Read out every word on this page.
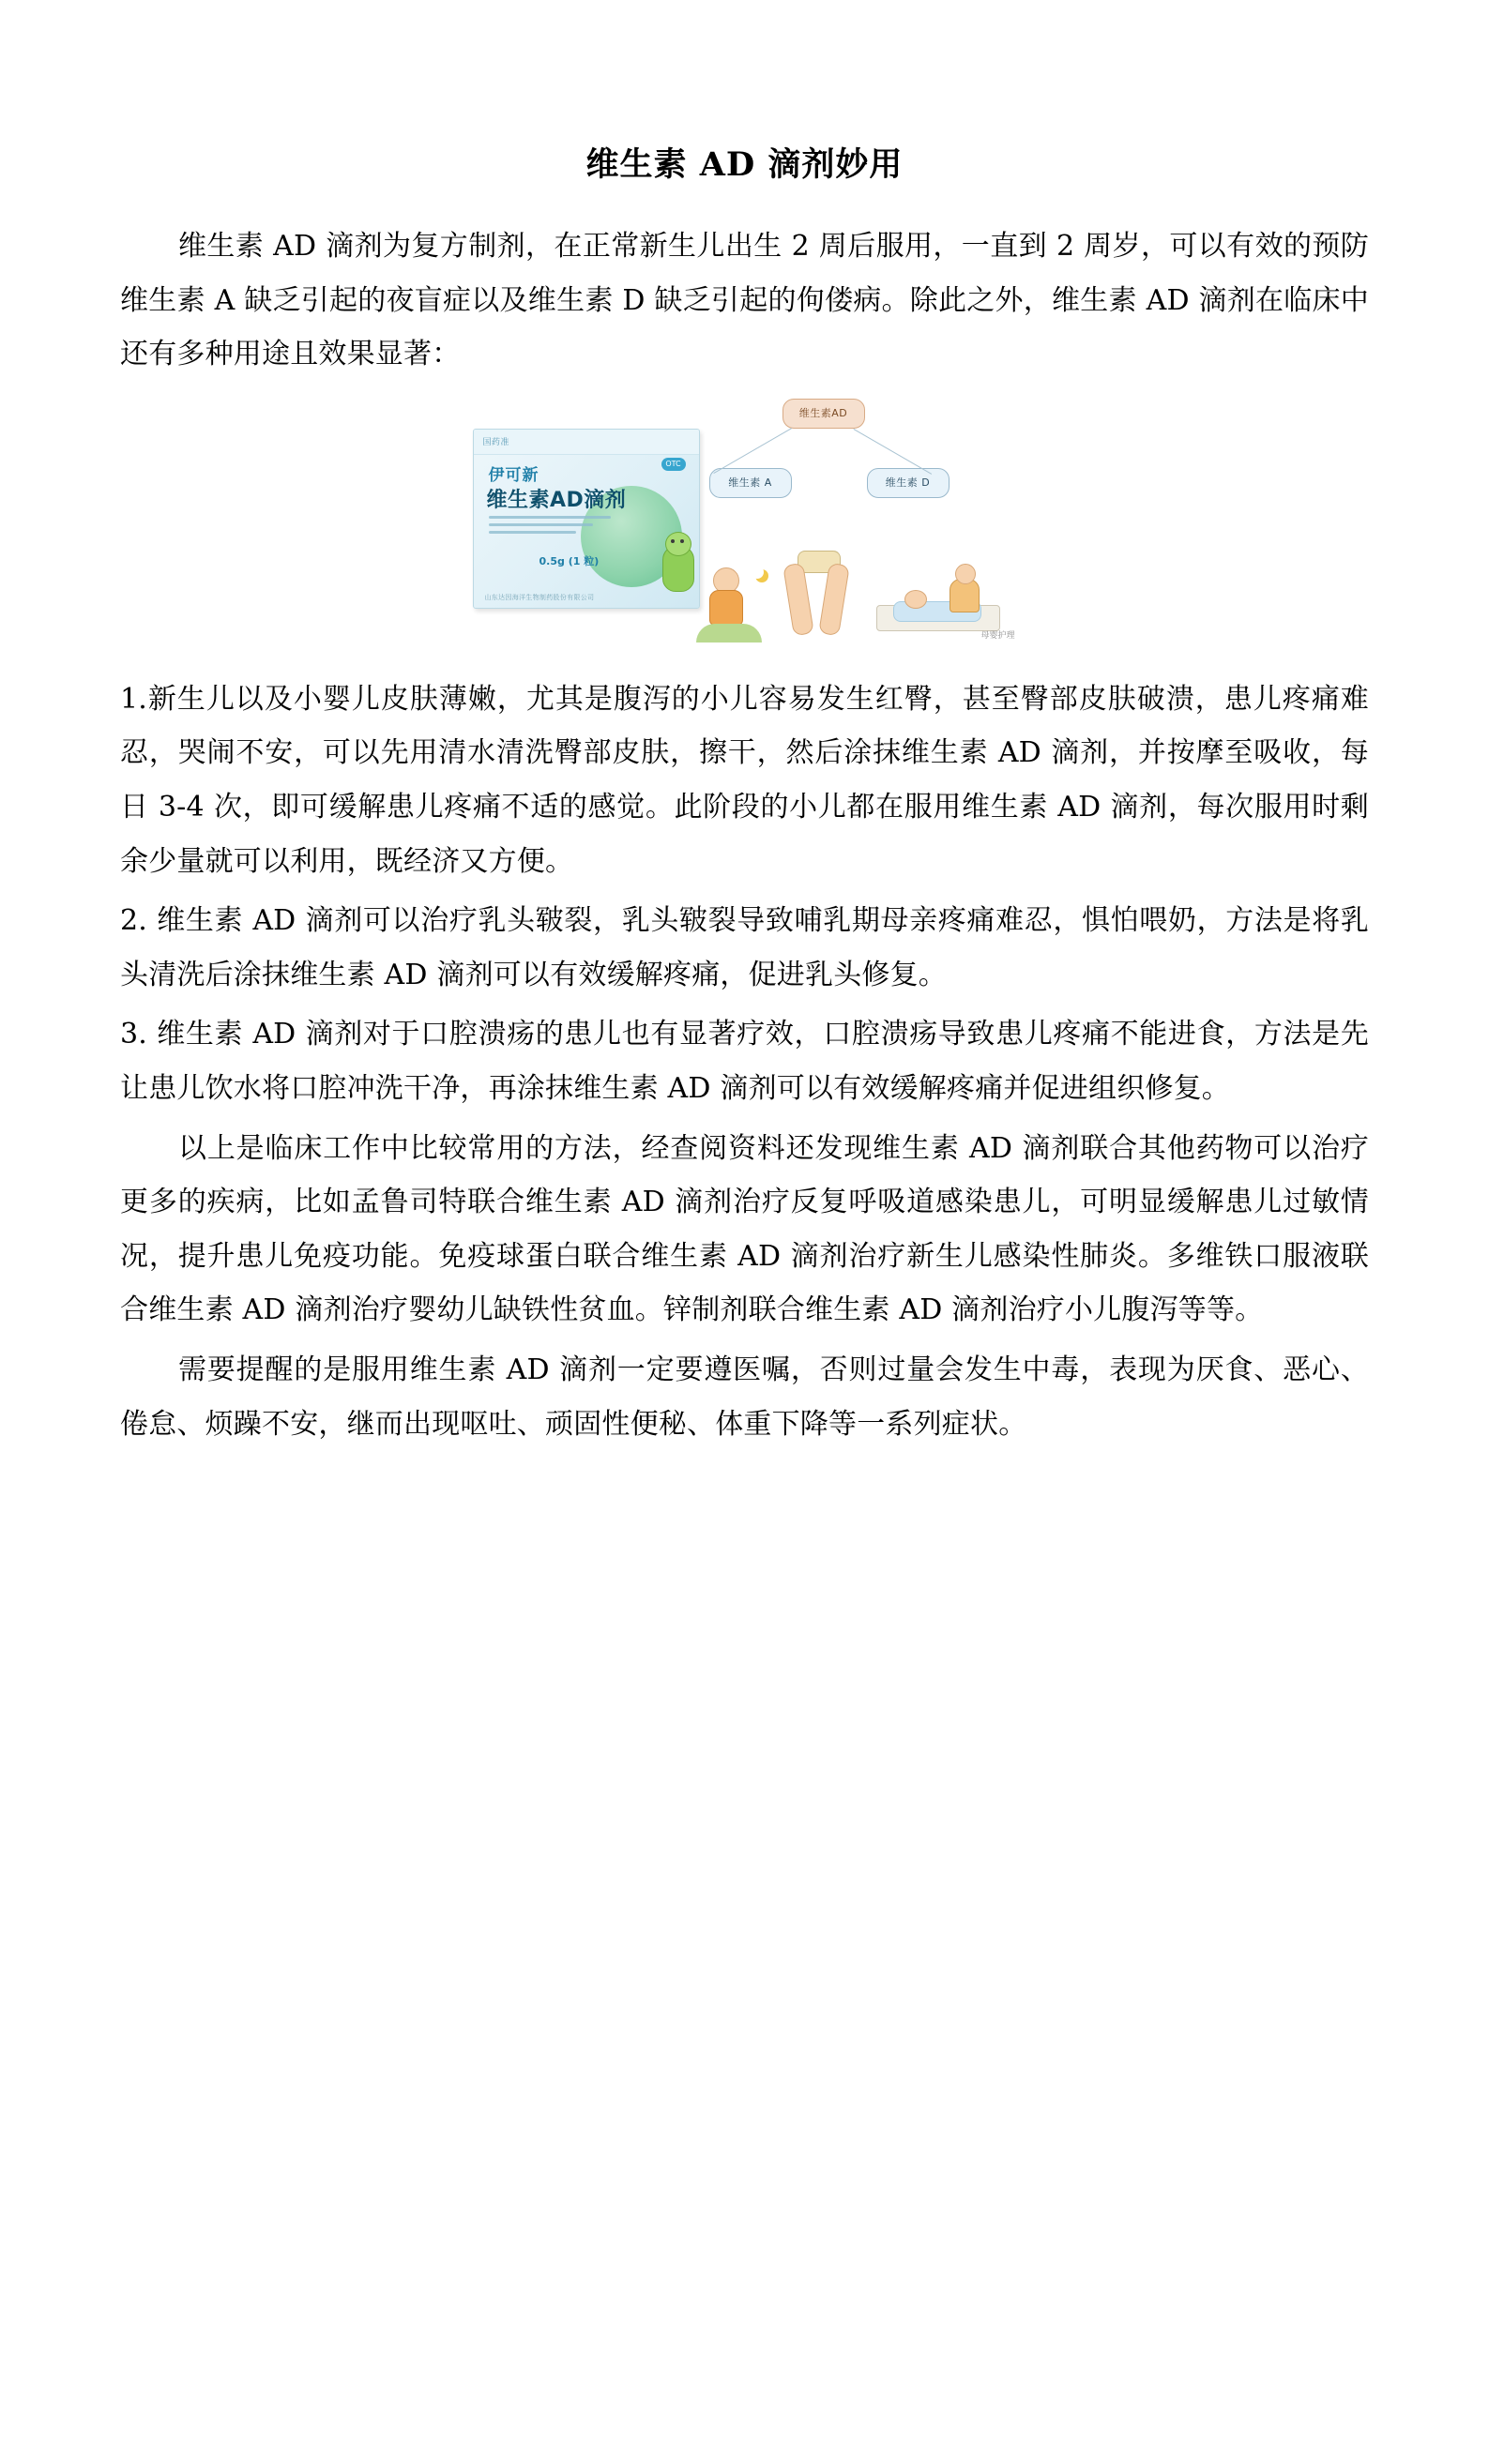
维生素 AD 滴剂妙用

维生素 AD 滴剂为复方制剂，在正常新生儿出生 2 周后服用，一直到 2 周岁，可以有效的预防维生素 A 缺乏引起的夜盲症以及维生素 D 缺乏引起的佝偻病。除此之外，维生素 AD 滴剂在临床中还有多种用途且效果显著：

国药准
OTC
伊可新
维生素AD滴剂
0.5g (1 粒)
山东达因海洋生物制药股份有限公司
维生素AD
维生素 A	维生素 D
母婴护理

1.新生儿以及小婴儿皮肤薄嫩，尤其是腹泻的小儿容易发生红臀，甚至臀部皮肤破溃，患儿疼痛难忍，哭闹不安，可以先用清水清洗臀部皮肤，擦干，然后涂抹维生素 AD 滴剂，并按摩至吸收，每日 3-4 次，即可缓解患儿疼痛不适的感觉。此阶段的小儿都在服用维生素 AD 滴剂，每次服用时剩余少量就可以利用，既经济又方便。

2. 维生素 AD 滴剂可以治疗乳头皲裂，乳头皲裂导致哺乳期母亲疼痛难忍，惧怕喂奶，方法是将乳头清洗后涂抹维生素 AD 滴剂可以有效缓解疼痛，促进乳头修复。

3. 维生素 AD 滴剂对于口腔溃疡的患儿也有显著疗效，口腔溃疡导致患儿疼痛不能进食，方法是先让患儿饮水将口腔冲洗干净，再涂抹维生素 AD 滴剂可以有效缓解疼痛并促进组织修复。

以上是临床工作中比较常用的方法，经查阅资料还发现维生素 AD 滴剂联合其他药物可以治疗更多的疾病，比如孟鲁司特联合维生素 AD 滴剂治疗反复呼吸道感染患儿，可明显缓解患儿过敏情况，提升患儿免疫功能。免疫球蛋白联合维生素 AD 滴剂治疗新生儿感染性肺炎。多维铁口服液联合维生素 AD 滴剂治疗婴幼儿缺铁性贫血。锌制剂联合维生素 AD 滴剂治疗小儿腹泻等等。

需要提醒的是服用维生素 AD 滴剂一定要遵医嘱，否则过量会发生中毒，表现为厌食、恶心、倦怠、烦躁不安，继而出现呕吐、顽固性便秘、体重下降等一系列症状。
